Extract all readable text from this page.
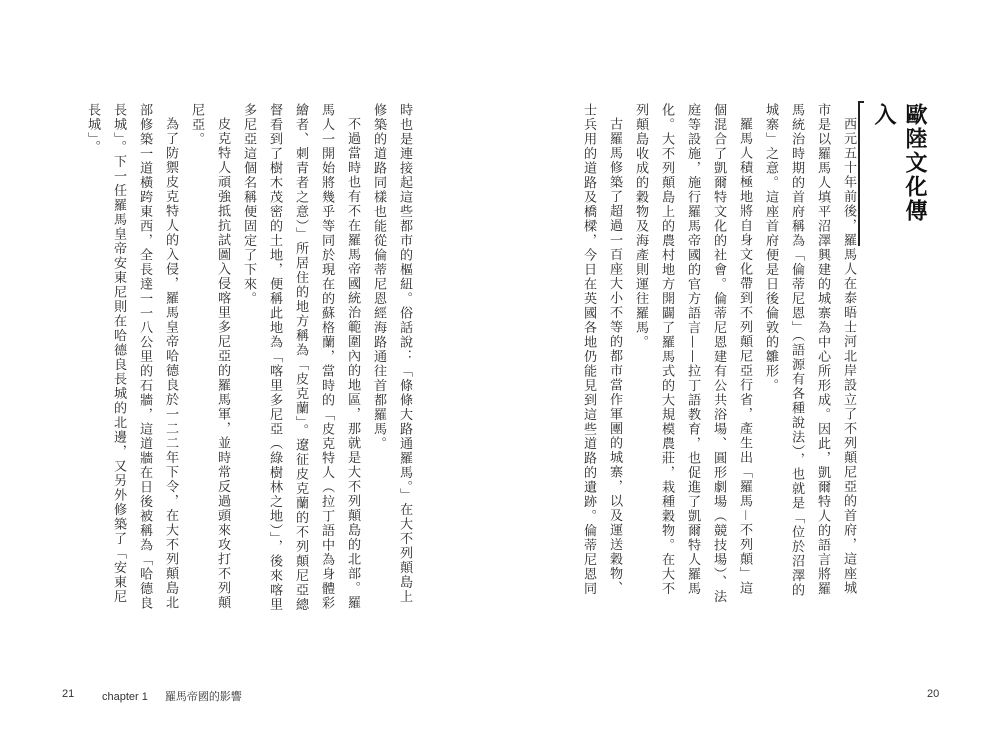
時也是連接起這些都市的樞紐。俗話說：「條條大路通羅馬。」在大不列顛島上
修築的道路同樣也能從倫蒂尼恩經海路通往首都羅馬。
不過當時也有不在羅馬帝國統治範圍內的地區，那就是大不列顛島的北部。羅
馬人一開始將幾乎等同於現在的蘇格蘭，當時的「皮克特人（拉丁語中為身體彩
繪者、刺青者之意）」所居住的地方稱為「皮克蘭」。遼征皮克蘭的不列顛尼亞總
督看到了樹木茂密的土地，便稱此地為「喀里多尼亞（綠樹林之地）」，後來喀里
多尼亞這個名稱便固定了下來。
皮克特人頑強抵抗試圖入侵喀里多尼亞的羅馬軍，並時常反過頭來攻打不列顛
尼亞。
為了防禦皮克特人的入侵，羅馬皇帝哈德良於一二二年下令，在大不列顛島北
部修築一道橫跨東西，全長達一一八公里的石牆，這道牆在日後被稱為「哈德良
長城」。下一任羅馬皇帝安東尼則在哈德良長城的北邊，又另外修築了「安東尼
長城」。
21	chapter 1 羅馬帝國的影響
歐陸文化傳入
西元五十年前後，羅馬人在泰晤士河北岸設立了不列顛尼亞的首府，這座城
市是以羅馬人填平沼澤興建的城寨為中心所形成。因此，凱爾特人的語言將羅
馬統治時期的首府稱為「倫蒂尼恩」（語源有各種說法），也就是「位於沼澤的
城寨」之意。這座首府便是日後倫敦的雛形。
羅馬人積極地將自身文化帶到不列顛尼亞行省，產生出「羅馬－不列顛」這
個混合了凱爾特文化的社會。倫蒂尼恩建有公共浴場、圓形劇場（競技場）、法
庭等設施，施行羅馬帝國的官方語言——拉丁語教育，也促進了凱爾特人羅馬
化。大不列顛島上的農村地方開闢了羅馬式的大規模農莊，栽種穀物。在大不
列顛島收成的穀物及海產則運往羅馬。
古羅馬修築了超過一百座大小不等的都市當作軍團的城寨，以及運送穀物、
士兵用的道路及橋樑，今日在英國各地仍能見到這些道路的遺跡。倫蒂尼恩同
20
